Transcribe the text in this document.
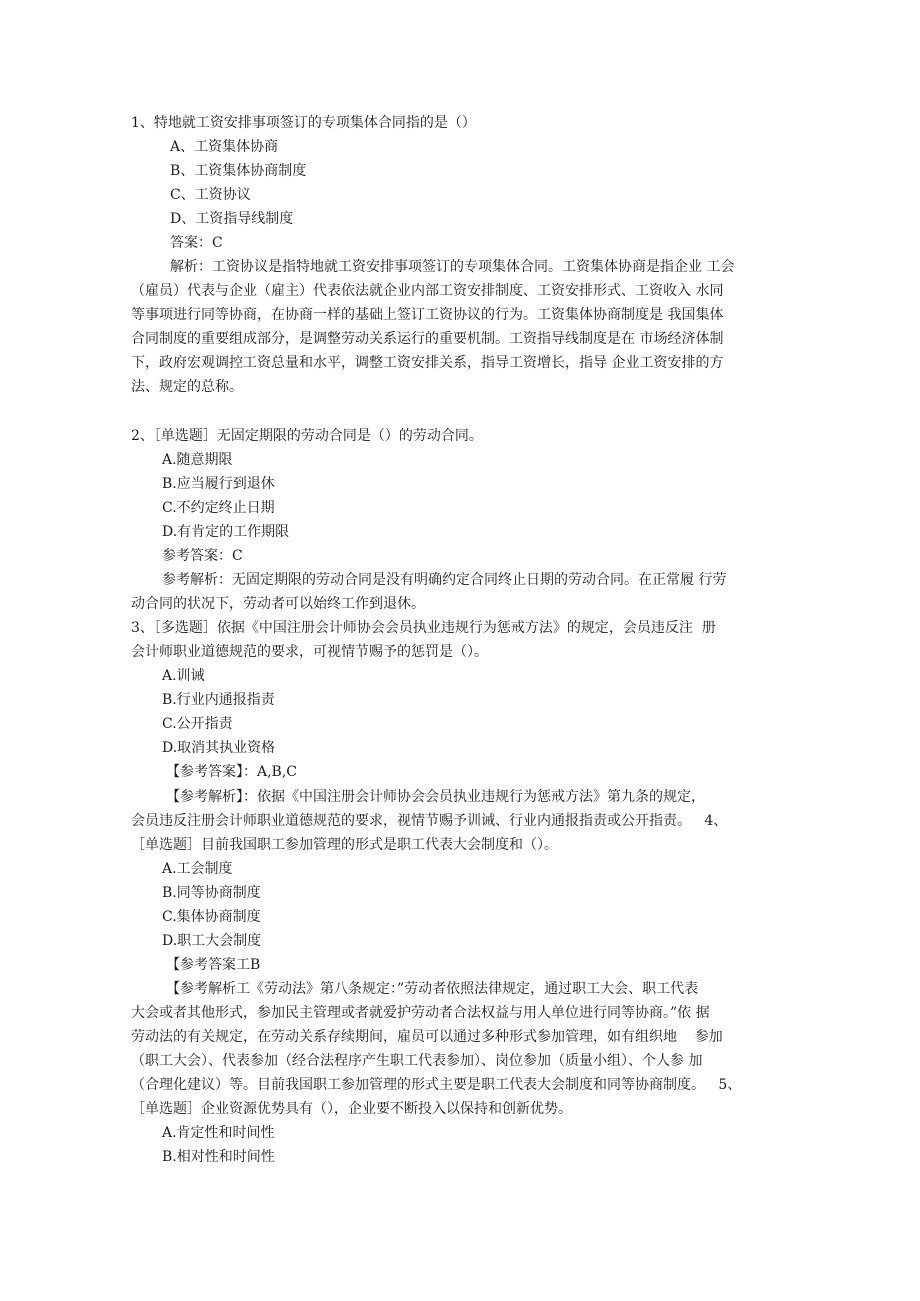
1、特地就工资安排事项签订的专项集体合同指的是（）
A、工资集体协商
B、工资集体协商制度
C、工资协议
D、工资指导线制度
答案：C
解析：工资协议是指特地就工资安排事项签订的专项集体合同。工资集体协商是指企业 工会
（雇员）代表与企业（雇主）代表依法就企业内部工资安排制度、工资安排形式、工资收入 水同
等事项进行同等协商，在协商一样的基础上签订工资协议的行为。工资集体协商制度是 我国集体
合同制度的重要组成部分，是调整劳动关系运行的重要机制。工资指导线制度是在 市场经济体制
下，政府宏观调控工资总量和水平，调整工资安排关系，指导工资增长，指导 企业工资安排的方
法、规定的总称。
2、［单选题］无固定期限的劳动合同是（）的劳动合同。
A.随意期限
B.应当履行到退休
C.不约定终止日期
D.有肯定的工作期限
参考答案：C
参考解析：无固定期限的劳动合同是没有明确约定合同终止日期的劳动合同。在正常履 行劳
动合同的状况下，劳动者可以始终工作到退休。
3、［多选题］依据《中国注册会计师协会会员执业违规行为惩戒方法》的规定，会员违反注  册
会计师职业道德规范的要求，可视情节赐予的惩罚是（）。
A.训诫
B.行业内通报指责
C.公开指责
D.取消其执业资格
【参考答案】：A,B,C
【参考解析】：依据《中国注册会计师协会会员执业违规行为惩戒方法》第九条的规定，
会员违反注册会计师职业道德规范的要求，视情节赐予训诫、行业内通报指责或公开指责。   4、
［单选题］目前我国职工参加管理的形式是职工代表大会制度和（）。
A.工会制度
B.同等协商制度
C.集体协商制度
D.职工大会制度
【参考答案工B
【参考解析工《劳动法》第八条规定：”劳动者依照法律规定，通过职工大会、职工代表
大会或者其他形式，参加民主管理或者就爱护劳动者合法权益与用人单位进行同等协商。”依 据
劳动法的有关规定，在劳动关系存续期间，雇员可以通过多种形式参加管理，如有组织地    参加
（职工大会）、代表参加（经合法程序产生职工代表参加）、岗位参加（质量小组）、个人参 加
（合理化建议）等。目前我国职工参加管理的形式主要是职工代表大会制度和同等协商制度。   5、
［单选题］企业资源优势具有（），企业要不断投入以保持和创新优势。
A.肯定性和时间性
B.相对性和时间性
